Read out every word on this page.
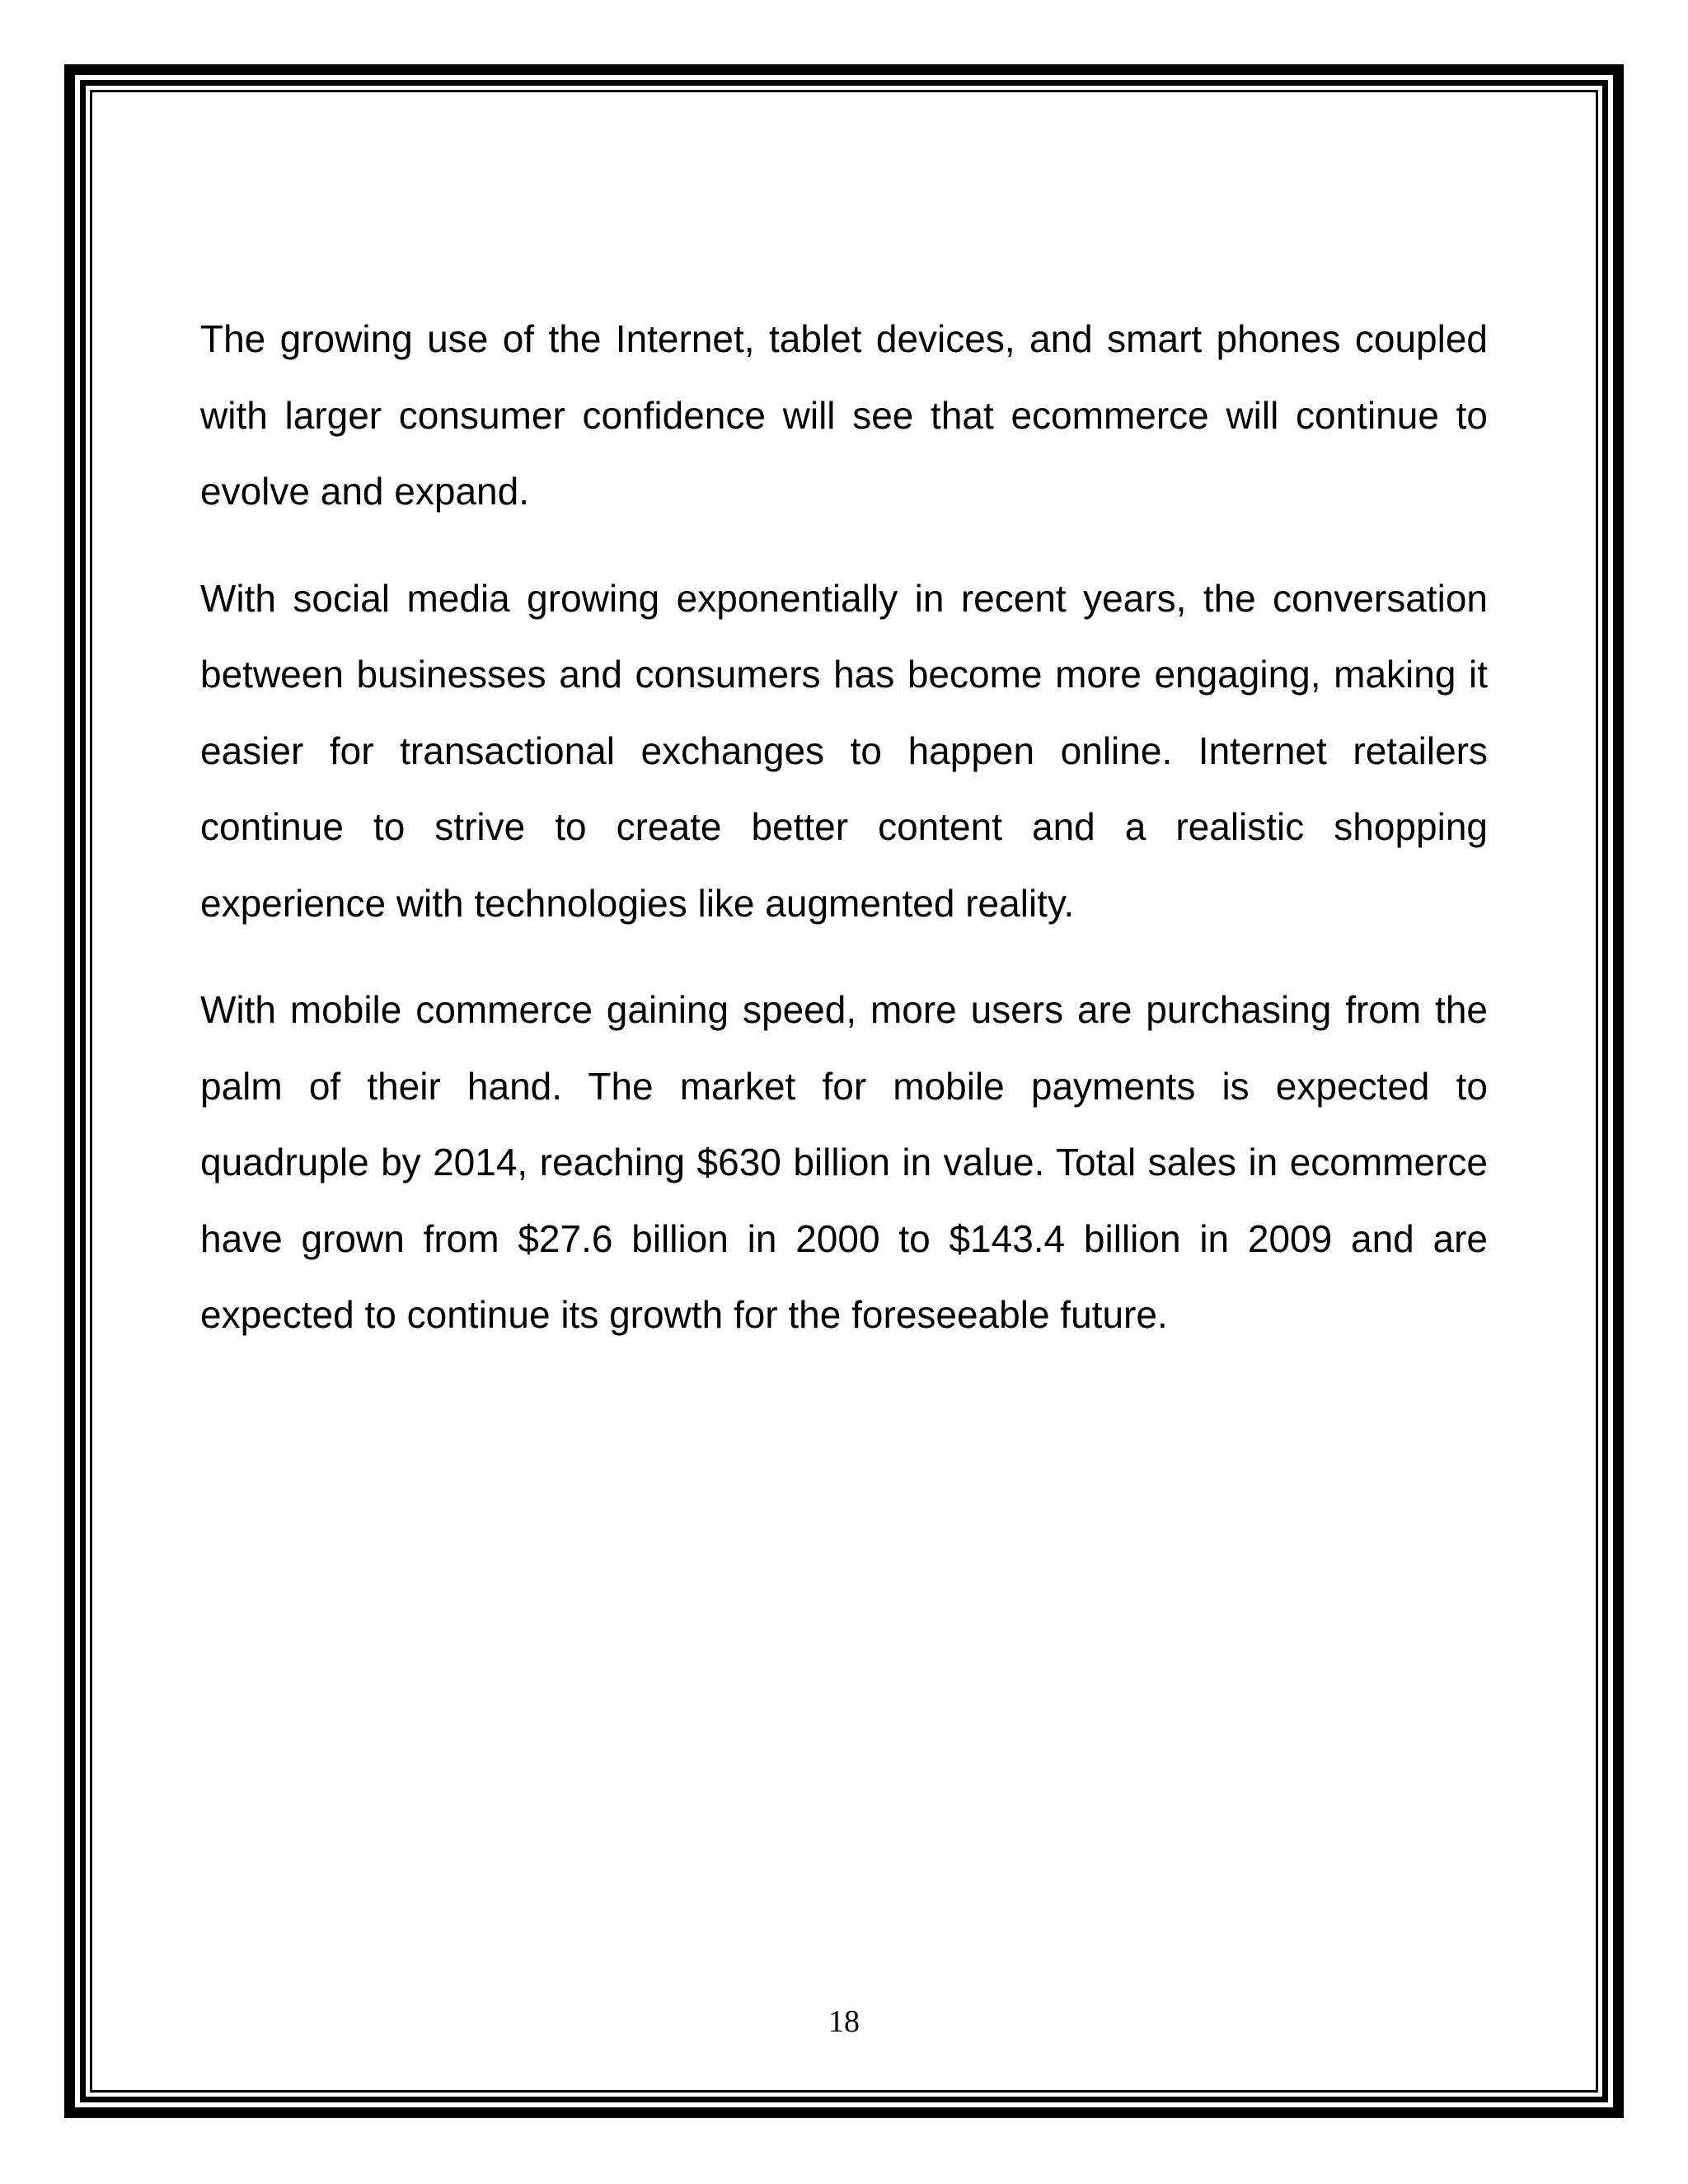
The growing use of the Internet, tablet devices, and smart phones coupled with larger consumer confidence will see that ecommerce will continue to evolve and expand.

With social media growing exponentially in recent years, the conversation between businesses and consumers has become more engaging, making it easier for transactional exchanges to happen online. Internet retailers continue to strive to create better content and a realistic shopping experience with technologies like augmented reality.

With mobile commerce gaining speed, more users are purchasing from the palm of their hand. The market for mobile payments is expected to quadruple by 2014, reaching $630 billion in value. Total sales in ecommerce have grown from $27.6 billion in 2000 to $143.4 billion in 2009 and are expected to continue its growth for the foreseeable future.

18
